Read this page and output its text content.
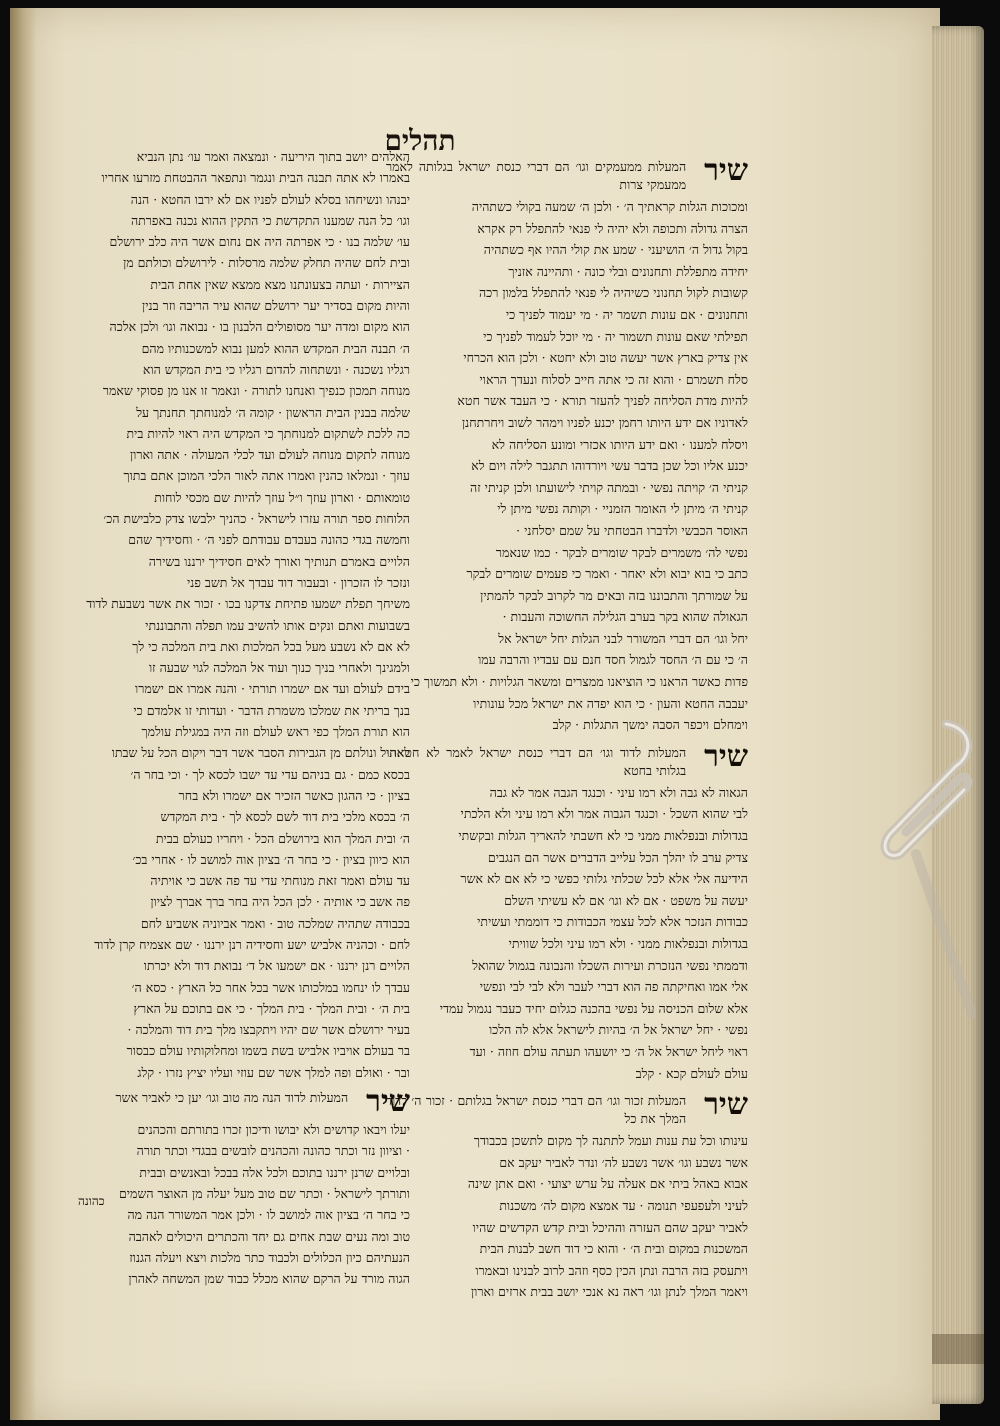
תהלים
שיר
המעלות ממעמקים וגו׳ הם דברי כנסת ישראל בגלותה לאמר ממעמקי צרות
ומכוכות הגלות קראתיך ה׳ · ולכן ה׳ שמעה בקולי כשתהיה
הצרה גדולה ותכופה ולא יהיה לי פנאי להתפלל רק אקרא
בקול גדול ה׳ הושיעני · שמע את קולי ההיו אף כשתהיה
יחידה מתפללת ותחנונים ובלי כונה · ותהיינה אזניך
קשובות לקול תחנוני כשיהיה לי פנאי להתפלל בלמון רכה
ותחנונים · אם עונות תשמר יה · מי יעמוד לפניך כי
תפילתי שאם עונות תשמור יה · מי יוכל לעמוד לפניך כי
אין צדיק בארץ אשר יעשה טוב ולא יחטא · ולכן הוא הכרחי
סלח תשמרם · והוא זה כי אתה חייב לסלוח ונעדך הראוי
להיות מדת הסליחה לפניך להעזר תורא · כי העבד אשר חטא
לאדוניו אם ידע היותו רחמן יכנע לפניו וימהר לשוב ויחרתחנן
ויסלח למענו · ואם ידע היותו אכזרי ומונע הסליחה לא
יכנע אליו וכל שכן בדבר עשי ויורדוהו תתגבר לילה ויום לא
קניתי ה׳ קויתה נפשי · ובמתה קויתי לישועתו ולכן קניתי זה
קניתי ה׳ מיתן לי האומר הזמניי · וקותה נפשי מיתן לי
האוסר הכבשי ולדברו הבטחתי על שמם יסלחני ·
נפשי לה׳ משמרים לבקר שומרים לבקר · כמו שנאמר
כתב כי בוא יבוא ולא יאחר · ואמר כי פעמים שומרים לבקר
על שמורתך והתבוננו בזה ובאים מר לקרוב לבקר להמתין
הגאולה שהוא בקר בערב הגלילה החשוכה והעבות ·
יחל וגו׳ הם דברי המשורר לבני הגלות יחל ישראל אל
ה׳ כי עם ה׳ החסד לגמול חסד חנם עם עבדיו והרבה עמו
פדות כאשר הראנו כי הוציאנו ממצרים ומשאר הגלויות · ולא תמשוך כי
יעבבה החטא והעון · כי הוא יפדה את ישראל מכל עונותיו
וימחלם ויכפר הסבה ימשך התגלות · קלב
שיר
המעלות לדוד וגו׳ הם דברי כנסת ישראל לאמר לא חטאתי בגלותי בחטא
הגאוה לא גבה ולא רמו עיני · וכנגד הגבה אמר לא גבה
לבי שהוא השכל · וכנגד הגבוה אמר ולא רמו עיני ולא הלכתי
בגדולות ובנפלאות ממני כי לא חשבתי להאריך הגלות ובקשתי
צדיק ערב לו יהלך הכל עלייב הדברים אשר הם הנגבים
הידיעה אלי אלא לכל שכלתי גלותי כפשי כי לא אם לא אשר
יעשה על משפט · אם לא וגו׳ אם לא עשיתי השלם
כבודות הנזכר אלא לכל עצמי הכבודות כי דוממתי ועשיתי
בגדולות ובנפלאות ממני · ולא רמו עיני ולכל שוויתי
ודממתי נפשי הנזכרת ועירות השכלו והנבונה בגמול שהואל
אלי אמו ואחיקתה פה הוא דברי לעבר ולא לבי לבי ונפשי
אלא שלום הכניסה על נפשי בהכנה כגלום יחיד כעבר נגמול עמדי
נפשי · יחל ישראל אל ה׳ בהיות לישראל אלא לה הלכו
ראוי ליחל ישראל אל ה׳ כי יושעהו תעתה עולם חוזה · ועד
עולם לעולם קכא · קלב
שיר
המעלות זכור וגו׳ הם דברי כנסת ישראל בגלותם · זכור ה׳ לדוד המלך את כל
עינותו וכל עת ענות ועמל לתתנה לך מקום לתשכן בכבודך
אשר נשבע וגו׳ אשר נשבע לה׳ ונדר לאביר יעקב אם
אבוא באהל ביתי אם אעלה על ערש יצועי · ואם אתן שינה
לעיני ולעפעפי תנומה · עד אמצא מקום לה׳ משכנות
לאביר יעקב שהם העזרה וההיכל ובית קדש הקדשים שהיו
המשכנות במקום ובית ה׳ · והוא כי דוד חשב לבנות הבית
ויתעסק בזה הרבה ונתן הכין כסף וזהב לרוב לבנינו ובאמרו
ויאמר המלך לנתן וגו׳ ראה נא אנכי יושב בבית ארזים וארון
האלהים יושב בתוך היריעה · ונמצאה ואמר עו׳ נתן הנביא
באמרו לא אתה תבנה הבית ונגמר ונתפאר ההבטחת מזרעו אחריו
יבנהו ונשיחהו בסלא לעולם לפניו אם לא ירבו החטא · הנה
וגו׳ כל הנה שמענו התקדשת כי התקין ההוא נכנה באפרתה
עו׳ שלמה בנו · כי אפרתה היה אם נחום אשר היה כלב ירושלם
ובית לחם שהיה תחלק שלמה מרסלות · לירושלם וכולתם מן
הציירות · ועתה בצעונתנו מצא ממצא שאין אחת הבית
והיות מקום בסדיר יער ירושלם שהוא עיר הריבה וזר בנין
הוא מקום ומדה יער מסופולים הלבנון בו · נבואה וגו׳ ולכן אלכה
ה׳ תבנה הבית המקדש ההוא למען נבוא למשכנותיו מהם
רגליו נשכנה · ונשתחוה להדום רגליו כי בית המקדש הוא
מנוחה תמכון כנפיך ואנחנו לתורה · ונאמר זו אנו מן פסוקי שאמר
שלמה בבנין הבית הראשון · קומה ה׳ למנוחתך תחנתך על
כה ללכת לשתקום למנוחתך כי המקדש היה ראוי להיות בית
מנוחה לתקום מנוחה לעולם ועד לכלי המעולה · אתה וארון
עוזך · ונמלאו כהנין ואמרו אתה לאור הלכי המוכן אתם בתוך
טומאותם · וארון עוזך ו״ל עוזך להיות שם מכסי לוחות
הלוחות ספר תורה עזרו לישראל · כהניך ילבשו צדק כלבישת הכ׳
וחמשה בגדי כהונה בעבדם עבודתם לפני ה׳ · וחסידיך שהם
הלויים באמרם תנותיך ואורך לאים חסידיך ירננו בשירה
ונזכר לו הזכרון · ובעבור דוד עבדך אל תשב פני
משיחך תפלת ישמעו פתיחת צדקנו בכו · זכור את אשר נשבעת לדוד
בשבועות ואתם ונקים אותו להשיב עמו תפלה והתבוננתי
לא אם לא נשבע מעל בכל המלכות ואת בית המלכה כי לך
ולמגינך ולאחרי בניך כנוך ועוד אל המלכה לגוי שבעה זו
בידם לעולם ועד אם ישמרו תורתי · והנה אמרו אם ישמרו
בנך בריתי את שמלכו משמרת הדבר · ועדותי זו אלמדם כי
הוא תורת המלך כפי ראש לעולם וזה היה במגילת עולמך
לאהול ונולתם מן הגבירות הסבר אשר דבר ויקום הכל על שבתו
בכסא כמם · גם בניהם עדי עד ישבו לכסא לך · וכי בחר ה׳
בציון · כי ההגון כאשר הזכיר אם ישמרו ולא בחר
ה׳ בכסא מלכי בית דוד לשם לכסא לך · בית המקדש
ה׳ ובית המלך הוא בירושלם הכל · ויחריו כעולם בבית
הוא כיוון בציון · כי בחר ה׳ בציון אוה למושב לו · אחרי בכ׳
עד עולם ואמר זאת מנוחתי עדי עד פה אשב כי אויתיה
פה אשב כי אותיה · לכן הכל היה בחר ברך אברך לציון
בכבודה שתהיה שמלכה טוב · ואמר אביוניה אשביע לחם
לחם · וכהניה אלביש ישע וחסידיה רנן ירננו · שם אצמיח קרן לדוד
הלויים רנן ירננו · אם ישמעו אל ד׳ נבואת דוד ולא יכרתו
עבדך לו ינחמו במלכותו אשר בכל אחר כל הארץ · כסא ה׳
בית ה׳ · ובית המלך · בית המלך · כי אם בתוכם על הארץ
בעיר ירושלם אשר שם יהיו ויתקבצו מלך בית דוד והמלכה ·
בר בעולם אויביו אלביש בשת בשמו ומחלוקותיו עולם כבסור
ובר · ואולם ופה למלך אשר שם עוזי ועליו יציץ נזרו · קלג
שיר
המעלות לדוד הנה מה טוב וגו׳ יען כי לאביר אשר
יעלו ויבאו קדושים ולא יבושו ודיכון זכרו בתורתם והכהנים
· וציוון נזר וכתר כהונה והכהנים לובשים בבגדי וכתר תורה
ובלויים שרנן ירננו בתוכם ולכל אלה בבכל ובאנשים ובבית
ותורתך לישראל · וכתר שם טוב מעל יעלה מן האוצר השמים
כי בחר ה׳ בציון אוה למושב לו · ולכן אמר המשורר הנה מה
טוב ומה נעים שבת אחים גם יחד והכתרים היכולים לאהבה
הנעתיהם כיון הכלולים ולכבוד כתר מלכות ויצא ויעלה הגנוז
הגוה מורד על הרקם שהוא מכלל כבוד שמן המשחה לאהרן
כהונה
